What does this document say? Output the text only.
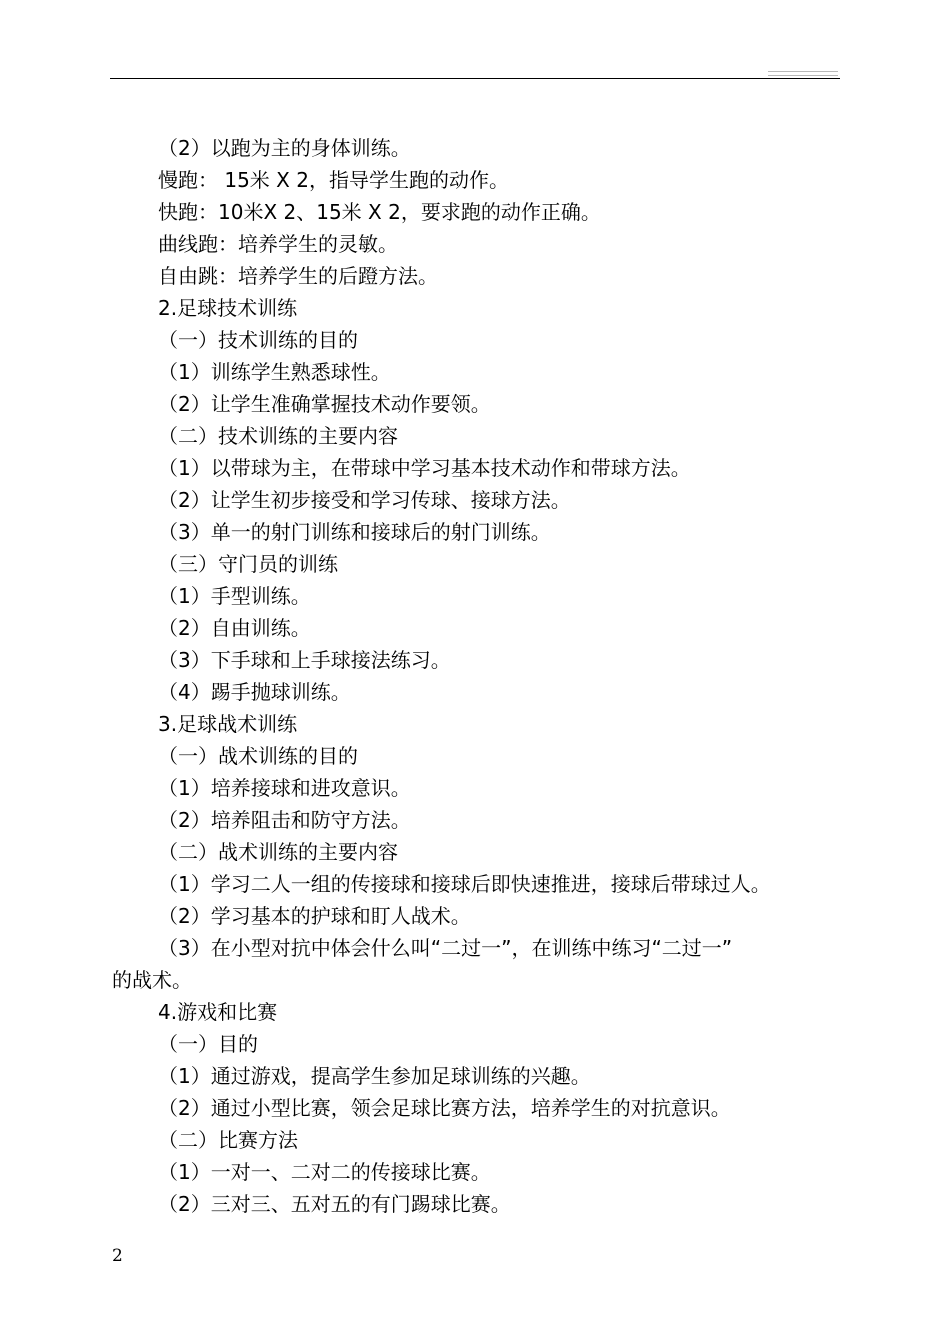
（2）以跑为主的身体训练。
慢跑： 15米 X 2，指导学生跑的动作。
快跑：10米X 2、15米 X 2，要求跑的动作正确。
曲线跑：培养学生的灵敏。
自由跳：培养学生的后蹬方法。
2.足球技术训练
（一）技术训练的目的
（1）训练学生熟悉球性。
（2）让学生准确掌握技术动作要领。
（二）技术训练的主要内容
（1）以带球为主，在带球中学习基本技术动作和带球方法。
（2）让学生初步接受和学习传球、接球方法。
（3）单一的射门训练和接球后的射门训练。
（三）守门员的训练
（1）手型训练。
（2）自由训练。
（3）下手球和上手球接法练习。
（4）踢手抛球训练。
3.足球战术训练
（一）战术训练的目的
（1）培养接球和进攻意识。
（2）培养阻击和防守方法。
（二）战术训练的主要内容
（1）学习二人一组的传接球和接球后即快速推进，接球后带球过人。
（2）学习基本的护球和盯人战术。
（3）在小型对抗中体会什么叫“二过一”，在训练中练习“二过一”
的战术。
4.游戏和比赛
（一）目的
（1）通过游戏，提高学生参加足球训练的兴趣。
（2）通过小型比赛，领会足球比赛方法，培养学生的对抗意识。
（二）比赛方法
（1）一对一、二对二的传接球比赛。
（2）三对三、五对五的有门踢球比赛。
2
